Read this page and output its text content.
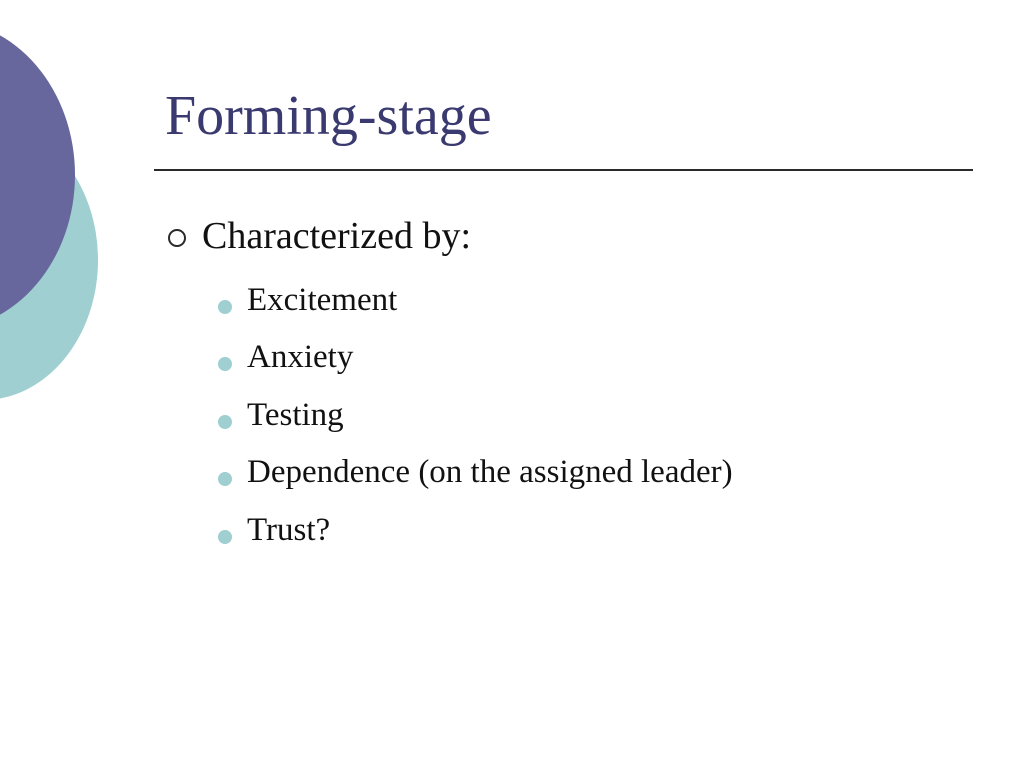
Forming-stage
Characterized by:
Excitement
Anxiety
Testing
Dependence (on the assigned leader)
Trust?
